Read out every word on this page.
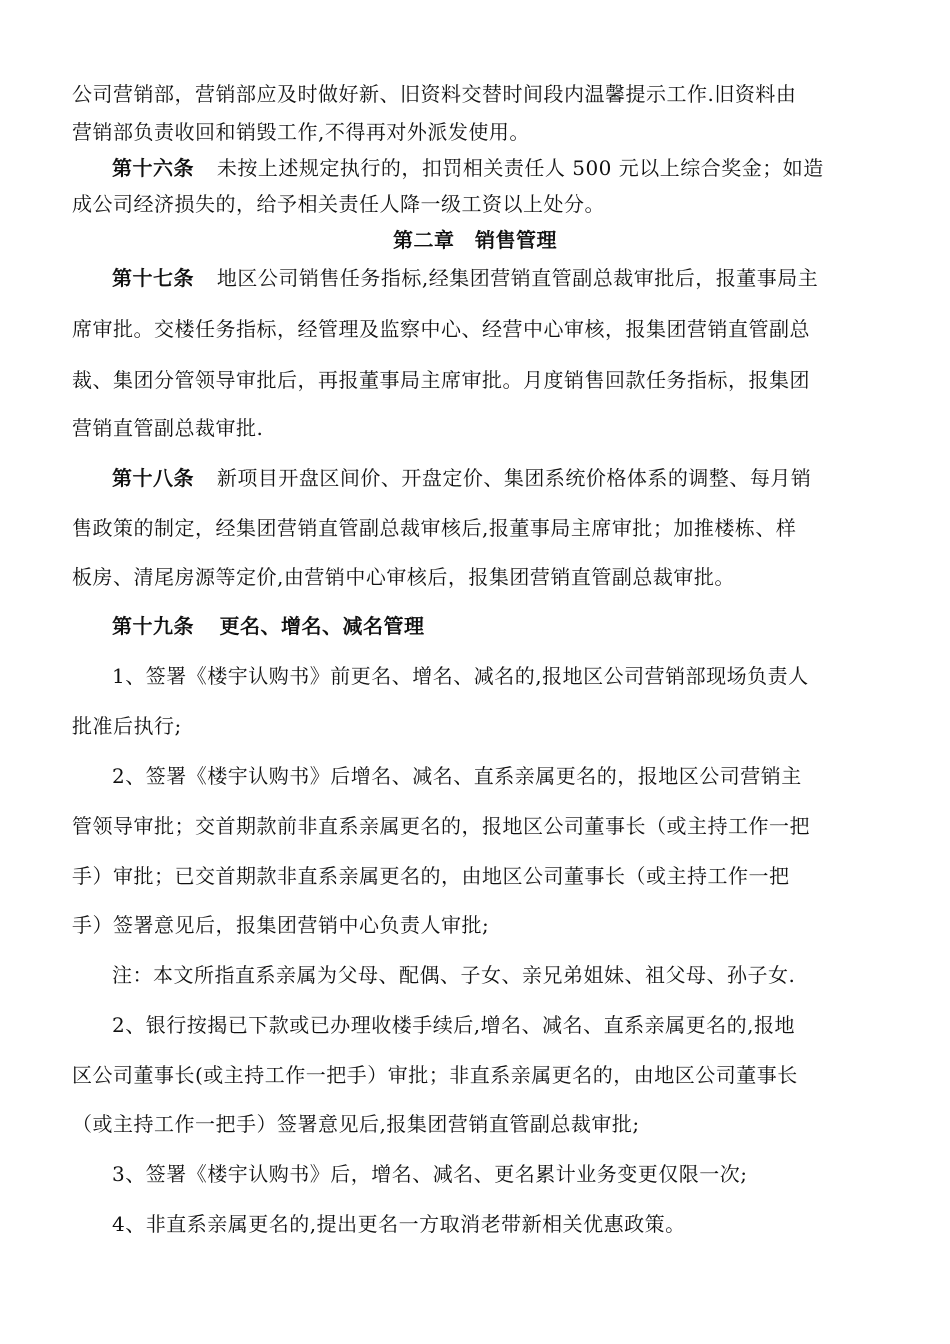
公司营销部，营销部应及时做好新、旧资料交替时间段内温馨提示工作.旧资料由
营销部负责收回和销毁工作,不得再对外派发使用。
第十六条 未按上述规定执行的，扣罚相关责任人 500 元以上综合奖金；如造
成公司经济损失的，给予相关责任人降一级工资以上处分。
第二章　销售管理
第十七条 地区公司销售任务指标,经集团营销直管副总裁审批后，报董事局主
席审批。交楼任务指标，经管理及监察中心、经营中心审核，报集团营销直管副总
裁、集团分管领导审批后，再报董事局主席审批。月度销售回款任务指标，报集团
营销直管副总裁审批.
第十八条 新项目开盘区间价、开盘定价、集团系统价格体系的调整、每月销
售政策的制定，经集团营销直管副总裁审核后,报董事局主席审批；加推楼栋、样
板房、清尾房源等定价,由营销中心审核后，报集团营销直管副总裁审批。
第十九条 更名、增名、减名管理
1、签署《楼宇认购书》前更名、增名、减名的,报地区公司营销部现场负责人
批准后执行;
2、签署《楼宇认购书》后增名、减名、直系亲属更名的，报地区公司营销主
管领导审批；交首期款前非直系亲属更名的，报地区公司董事长（或主持工作一把
手）审批；已交首期款非直系亲属更名的，由地区公司董事长（或主持工作一把
手）签署意见后，报集团营销中心负责人审批;
注：本文所指直系亲属为父母、配偶、子女、亲兄弟姐妹、祖父母、孙子女.
2、银行按揭已下款或已办理收楼手续后,增名、减名、直系亲属更名的,报地
区公司董事长(或主持工作一把手）审批；非直系亲属更名的，由地区公司董事长
（或主持工作一把手）签署意见后,报集团营销直管副总裁审批;
3、签署《楼宇认购书》后，增名、减名、更名累计业务变更仅限一次;
4、非直系亲属更名的,提出更名一方取消老带新相关优惠政策。
